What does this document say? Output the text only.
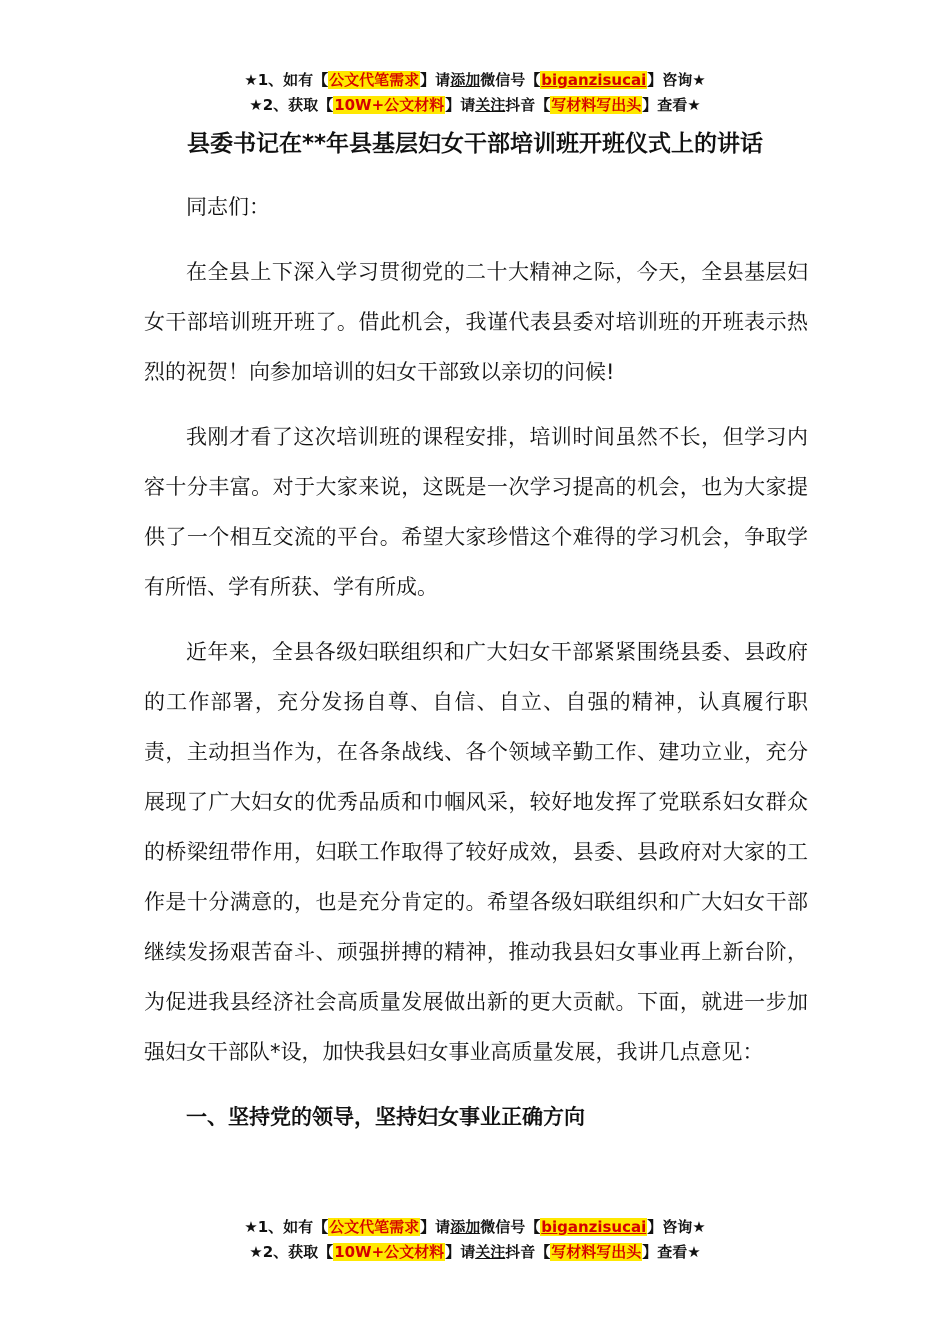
★1、如有【公文代笔需求】请添加微信号【biganzisucai】咨询★
★2、获取【10W+公文材料】请关注抖音【写材料写出头】查看★
县委书记在**年县基层妇女干部培训班开班仪式上的讲话

同志们：

在全县上下深入学习贯彻党的二十大精神之际，今天，全县基层妇女干部培训班开班了。借此机会，我谨代表县委对培训班的开班表示热烈的祝贺！向参加培训的妇女干部致以亲切的问候!

我刚才看了这次培训班的课程安排，培训时间虽然不长，但学习内容十分丰富。对于大家来说，这既是一次学习提高的机会，也为大家提供了一个相互交流的平台。希望大家珍惜这个难得的学习机会，争取学有所悟、学有所获、学有所成。

近年来，全县各级妇联组织和广大妇女干部紧紧围绕县委、县政府的工作部署，充分发扬自尊、自信、自立、自强的精神，认真履行职责，主动担当作为，在各条战线、各个领域辛勤工作、建功立业，充分展现了广大妇女的优秀品质和巾帼风采，较好地发挥了党联系妇女群众的桥梁纽带作用，妇联工作取得了较好成效，县委、县政府对大家的工作是十分满意的，也是充分肯定的。希望各级妇联组织和广大妇女干部继续发扬艰苦奋斗、顽强拼搏的精神，推动我县妇女事业再上新台阶，为促进我县经济社会高质量发展做出新的更大贡献。下面，就进一步加强妇女干部队*设，加快我县妇女事业高质量发展，我讲几点意见：

一、坚持党的领导，坚持妇女事业正确方向

★1、如有【公文代笔需求】请添加微信号【biganzisucai】咨询★
★2、获取【10W+公文材料】请关注抖音【写材料写出头】查看★
